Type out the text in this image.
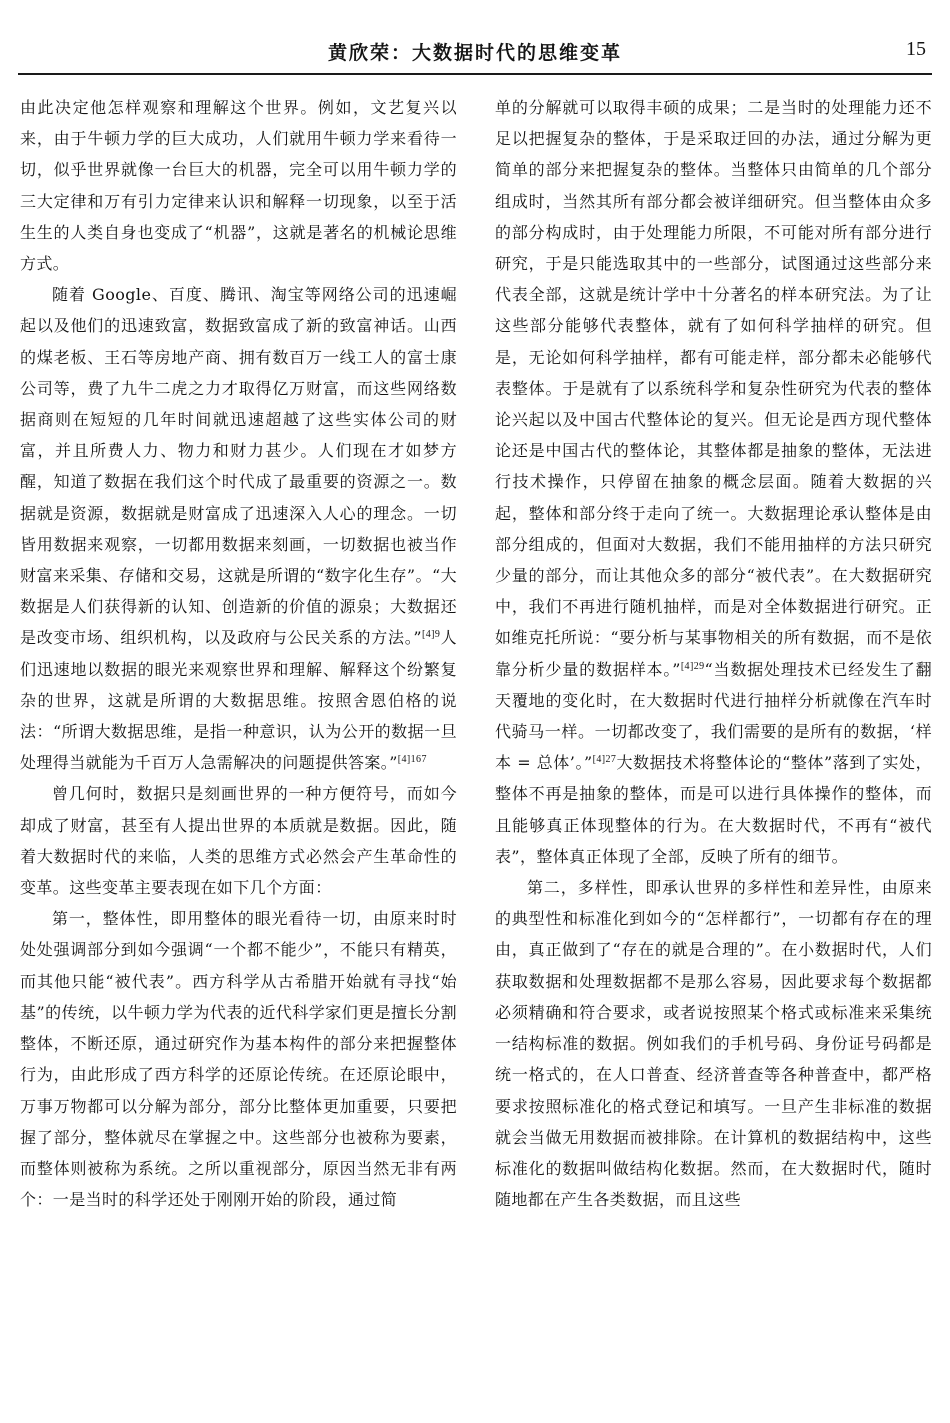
黄欣荣：大数据时代的思维变革	15

由此决定他怎样观察和理解这个世界。例如，文艺复兴以来，由于牛顿力学的巨大成功，人们就用牛顿力学来看待一切，似乎世界就像一台巨大的机器，完全可以用牛顿力学的三大定律和万有引力定律来认识和解释一切现象，以至于活生生的人类自身也变成了“机器”，这就是著名的机械论思维方式。

随着 Google、百度、腾讯、淘宝等网络公司的迅速崛起以及他们的迅速致富，数据致富成了新的致富神话。山西的煤老板、王石等房地产商、拥有数百万一线工人的富士康公司等，费了九牛二虎之力才取得亿万财富，而这些网络数据商则在短短的几年时间就迅速超越了这些实体公司的财富，并且所费人力、物力和财力甚少。人们现在才如梦方醒，知道了数据在我们这个时代成了最重要的资源之一。数据就是资源，数据就是财富成了迅速深入人心的理念。一切皆用数据来观察，一切都用数据来刻画，一切数据也被当作财富来采集、存储和交易，这就是所谓的“数字化生存”。“大数据是人们获得新的认知、创造新的价值的源泉；大数据还是改变市场、组织机构，以及政府与公民关系的方法。”$^{[4]9}$人们迅速地以数据的眼光来观察世界和理解、解释这个纷繁复杂的世界，这就是所谓的大数据思维。按照舍恩伯格的说法：“所谓大数据思维，是指一种意识，认为公开的数据一旦处理得当就能为千百万人急需解决的问题提供答案。”$^{[4]167}$

曾几何时，数据只是刻画世界的一种方便符号，而如今却成了财富，甚至有人提出世界的本质就是数据。因此，随着大数据时代的来临，人类的思维方式必然会产生革命性的变革。这些变革主要表现在如下几个方面：

第一，整体性，即用整体的眼光看待一切，由原来时时处处强调部分到如今强调“一个都不能少”，不能只有精英，而其他只能“被代表”。西方科学从古希腊开始就有寻找“始基”的传统，以牛顿力学为代表的近代科学家们更是擅长分割整体，不断还原，通过研究作为基本构件的部分来把握整体行为，由此形成了西方科学的还原论传统。在还原论眼中，万事万物都可以分解为部分，部分比整体更加重要，只要把握了部分，整体就尽在掌握之中。这些部分也被称为要素，而整体则被称为系统。之所以重视部分，原因当然无非有两个：一是当时的科学还处于刚刚开始的阶段，通过简

单的分解就可以取得丰硕的成果；二是当时的处理能力还不足以把握复杂的整体，于是采取迂回的办法，通过分解为更简单的部分来把握复杂的整体。当整体只由简单的几个部分组成时，当然其所有部分都会被详细研究。但当整体由众多的部分构成时，由于处理能力所限，不可能对所有部分进行研究，于是只能选取其中的一些部分，试图通过这些部分来代表全部，这就是统计学中十分著名的样本研究法。为了让这些部分能够代表整体，就有了如何科学抽样的研究。但是，无论如何科学抽样，都有可能走样，部分都未必能够代表整体。于是就有了以系统科学和复杂性研究为代表的整体论兴起以及中国古代整体论的复兴。但无论是西方现代整体论还是中国古代的整体论，其整体都是抽象的整体，无法进行技术操作，只停留在抽象的概念层面。随着大数据的兴起，整体和部分终于走向了统一。大数据理论承认整体是由部分组成的，但面对大数据，我们不能用抽样的方法只研究少量的部分，而让其他众多的部分“被代表”。在大数据研究中，我们不再进行随机抽样，而是对全体数据进行研究。正如维克托所说：“要分析与某事物相关的所有数据，而不是依靠分析少量的数据样本。”$^{[4]29}$“当数据处理技术已经发生了翻天覆地的变化时，在大数据时代进行抽样分析就像在汽车时代骑马一样。一切都改变了，我们需要的是所有的数据，‘样本 = 总体’。”$^{[4]27}$大数据技术将整体论的“整体”落到了实处，整体不再是抽象的整体，而是可以进行具体操作的整体，而且能够真正体现整体的行为。在大数据时代，不再有“被代表”，整体真正体现了全部，反映了所有的细节。

第二，多样性，即承认世界的多样性和差异性，由原来的典型性和标准化到如今的“怎样都行”，一切都有存在的理由，真正做到了“存在的就是合理的”。在小数据时代，人们获取数据和处理数据都不是那么容易，因此要求每个数据都必须精确和符合要求，或者说按照某个格式或标准来采集统一结构标准的数据。例如我们的手机号码、身份证号码都是统一格式的，在人口普查、经济普查等各种普查中，都严格要求按照标准化的格式登记和填写。一旦产生非标准的数据就会当做无用数据而被排除。在计算机的数据结构中，这些标准化的数据叫做结构化数据。然而，在大数据时代，随时随地都在产生各类数据，而且这些
